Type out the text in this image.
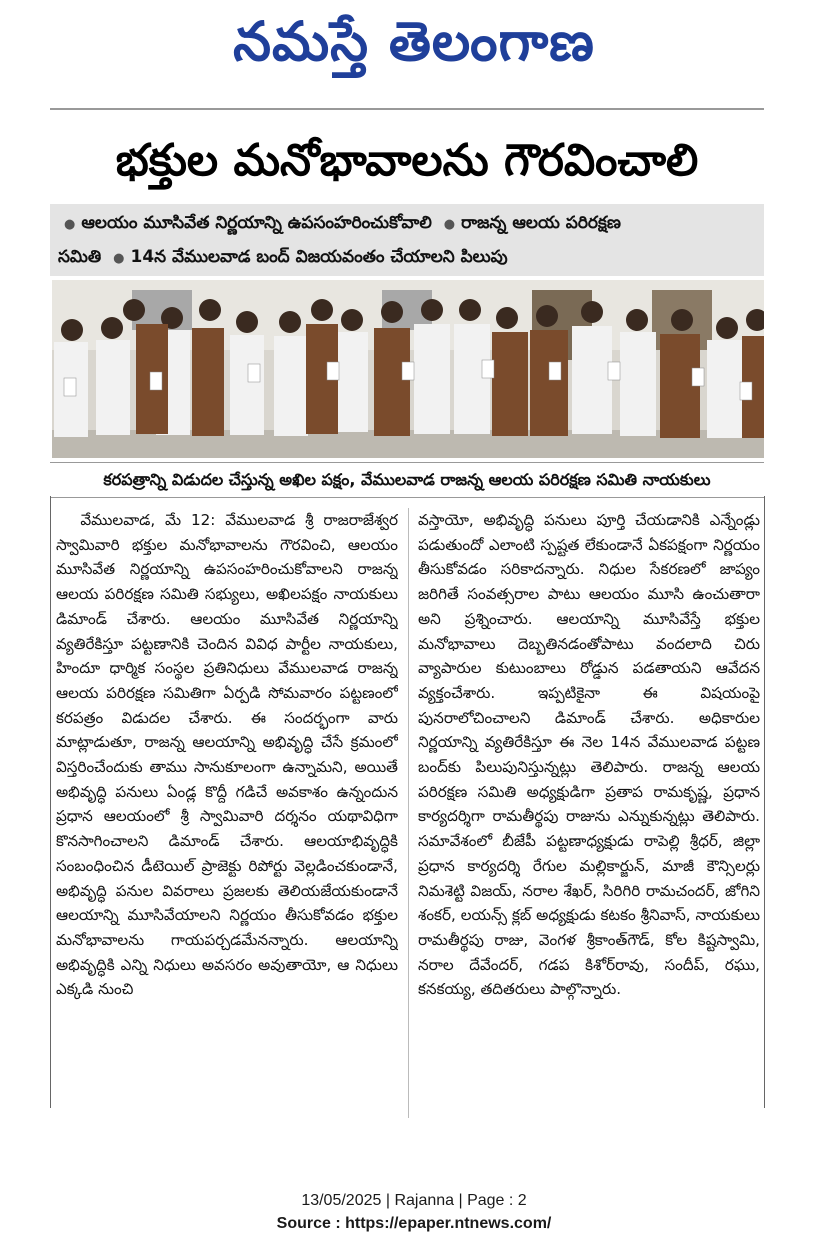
నమస్తే తెలంగాణ
భక్తుల మనోభావాలను గౌరవించాలి
● ఆలయం మూసివేత నిర్ణయాన్ని ఉపసంహరించుకోవాలి ● రాజన్న ఆలయ పరిరక్షణ
సమితి ● 14న వేములవాడ బంద్ విజయవంతం చేయాలని పిలుపు
కరపత్రాన్ని విడుదల చేస్తున్న అఖిల పక్షం, వేములవాడ రాజన్న ఆలయ పరిరక్షణ సమితి నాయకులు
వేములవాడ, మే 12: వేములవాడ శ్రీ రాజరాజేశ్వర స్వామివారి భక్తుల మనోభావాలను గౌరవించి, ఆలయం మూసివేత నిర్ణయాన్ని ఉపసంహరించుకోవాలని రాజన్న ఆలయ పరిరక్షణ సమితి సభ్యులు, అఖిలపక్షం నాయకులు డిమాండ్ చేశారు. ఆలయం మూసివేత నిర్ణయాన్ని వ్యతిరేకిస్తూ పట్టణానికి చెందిన వివిధ పార్టీల నాయకులు, హిందూ ధార్మిక సంస్థల ప్రతినిధులు వేములవాడ రాజన్న ఆలయ పరిరక్షణ సమితిగా ఏర్పడి సోమవారం పట్టణంలో కరపత్రం విడుదల చేశారు. ఈ సందర్భంగా వారు మాట్లాడుతూ, రాజన్న ఆలయాన్ని అభివృద్ధి చేసే క్రమంలో విస్తరించేందుకు తాము సానుకూలంగా ఉన్నామని, అయితే అభివృద్ధి పనులు ఏండ్ల కొద్దీ గడిచే అవకాశం ఉన్నందున ప్రధాన ఆలయంలో శ్రీ స్వామివారి దర్శనం యథావిధిగా కొనసాగించాలని డిమాండ్ చేశారు. ఆలయాభివృద్ధికి సంబంధించిన డీటెయిల్ ప్రాజెక్టు రిపోర్టు వెల్లడించకుండానే, అభివృద్ధి పనుల వివరాలు ప్రజలకు తెలియజేయకుండానే ఆలయాన్ని మూసివేయాలని నిర్ణయం తీసుకోవడం భక్తుల మనోభావాలను గాయపర్చడమేనన్నారు. ఆలయాన్ని అభివృద్ధికి ఎన్ని నిధులు అవసరం అవుతాయో, ఆ నిధులు ఎక్కడి నుంచి
వస్తాయో, అభివృద్ధి పనులు పూర్తి చేయడానికి ఎన్నేండ్లు పడుతుందో ఎలాంటి స్పష్టత లేకుండానే ఏకపక్షంగా నిర్ణయం తీసుకోవడం సరికాదన్నారు. నిధుల సేకరణలో జాప్యం జరిగితే సంవత్సరాల పాటు ఆలయం మూసి ఉంచుతారా అని ప్రశ్నించారు. ఆలయాన్ని మూసివేస్తే భక్తుల మనోభావాలు దెబ్బతినడంతోపాటు వందలాది చిరు వ్యాపారుల కుటుంబాలు రోడ్డున పడతాయని ఆవేదన వ్యక్తంచేశారు. ఇప్పటికైనా ఈ విషయంపై పునరాలోచించాలని డిమాండ్ చేశారు. అధికారుల నిర్ణయాన్ని వ్యతిరేకిస్తూ ఈ నెల 14న వేములవాడ పట్టణ బంద్‌కు పిలుపునిస్తున్నట్లు తెలిపారు. రాజన్న ఆలయ పరిరక్షణ సమితి అధ్యక్షుడిగా ప్రతాప రామకృష్ణ, ప్రధాన కార్యదర్శిగా రామతీర్థపు రాజును ఎన్నుకున్నట్లు తెలిపారు. సమావేశంలో బీజేపీ పట్టణాధ్యక్షుడు రాపెల్లి శ్రీధర్, జిల్లా ప్రధాన కార్యదర్శి రేగుల మల్లికార్జున్, మాజీ కౌన్సిలర్లు నిమశెట్టి విజయ్, నరాల శేఖర్, సిరిగిరి రామచందర్, జోగిని శంకర్, లయన్స్ క్లబ్ అధ్యక్షుడు కటకం శ్రీనివాస్, నాయకులు రామతీర్థపు రాజు, వెంగళ శ్రీకాంత్‌గౌడ్, కోల కిష్టస్వామి, నరాల దేవేందర్, గడప కిశోర్‌రావు, సందీప్, రఘు, కనకయ్య, తదితరులు పాల్గొన్నారు.
13/05/2025 | Rajanna | Page : 2
Source : https://epaper.ntnews.com/
